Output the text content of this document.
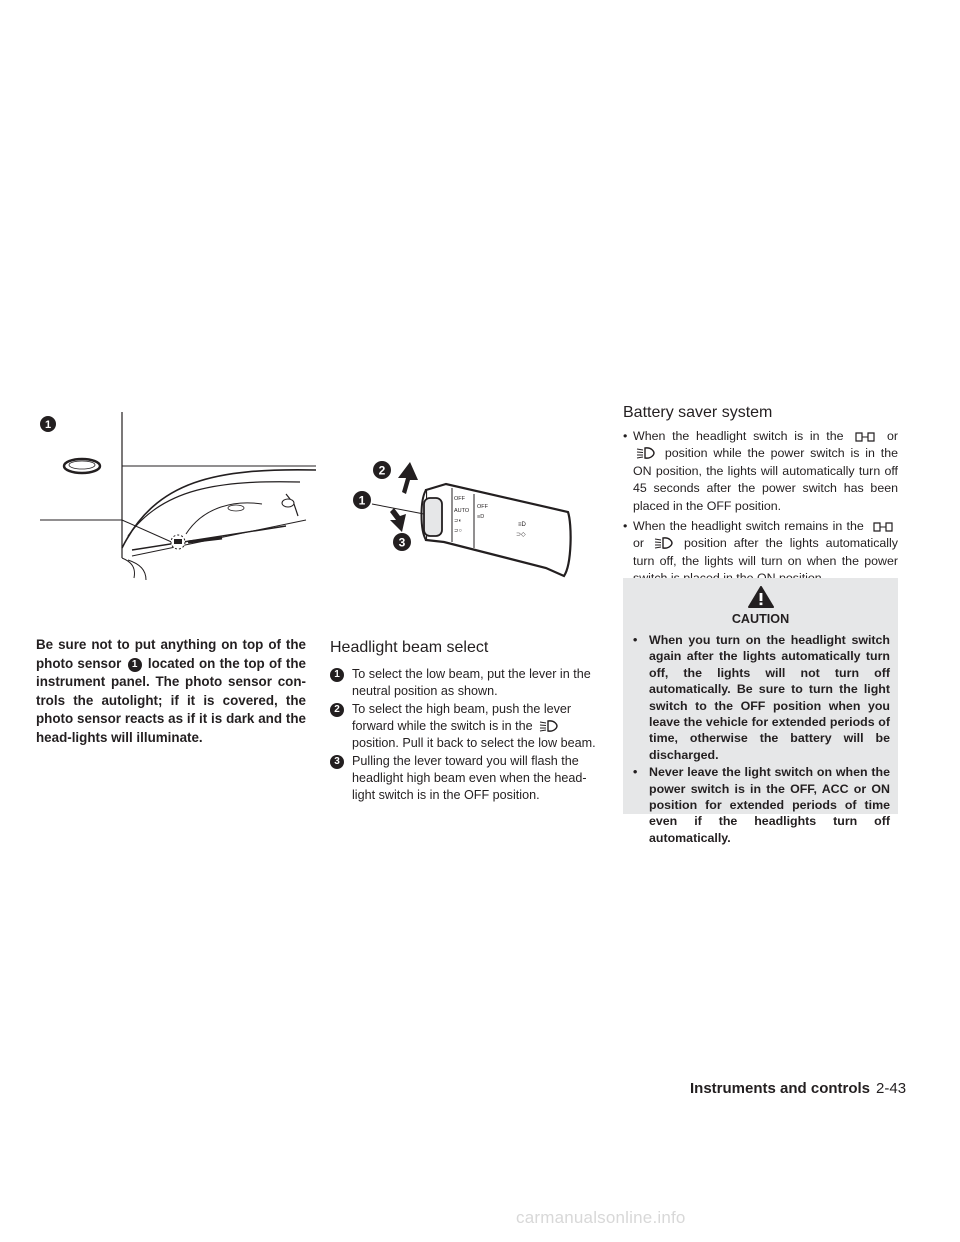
1
OFF
AUTO
⊃◐
⊃○
OFF
≡D
≡D
⊃◇
1
2
3
Be sure not to put anything on top of the photo sensor 1 located on the top of the instrument panel. The photo sensor con-trols the autolight; if it is covered, the photo sensor reacts as if it is dark and the head-lights will illuminate.
Headlight beam select
1 To select the low beam, put the lever in the neutral position as shown.
2 To select the high beam, push the lever forward while the switch is in the  position. Pull it back to select the low beam.
3 Pulling the lever toward you will flash the headlight high beam even when the head-light switch is in the OFF position.
Battery saver system
• When the headlight switch is in the	or  position while the power switch is in the ON position, the lights will automatically turn off 45 seconds after the power switch has been placed in the OFF position.
• When the headlight switch remains in the  or	position after the lights automatically turn off, the lights will turn on when the power
CAUTION
• When you turn on the headlight switch again after the lights automatically turn off, the lights will not turn off automatically. Be sure to turn the light switch to the OFF position when you leave the vehicle for extended periods of time, otherwise the battery will be discharged.
• Never leave the light switch on when the power switch is in the OFF, ACC or ON position for extended periods of time even if the headlights turn off automatically.
Instruments and controls 2-43
carmanualsonline.info
